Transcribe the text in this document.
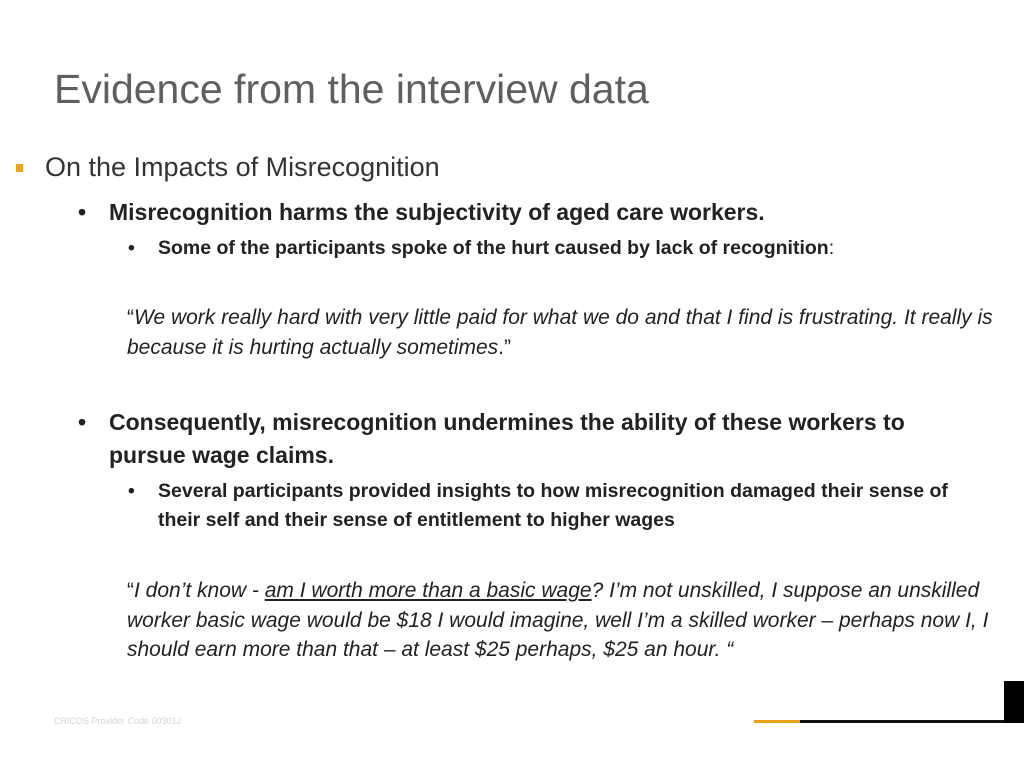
Evidence from the interview data
On the Impacts of Misrecognition
• Misrecognition harms the subjectivity of aged care workers.
• Some of the participants spoke of the hurt caused by lack of recognition:
“We work really hard with very little paid for what we do and that I find is frustrating. It really is because it is hurting actually sometimes.”
• Consequently, misrecognition undermines the ability of these workers to pursue wage claims.
• Several participants provided insights to how misrecognition damaged their sense of their self and their sense of entitlement to higher wages
“I don’t know - am I worth more than a basic wage? I’m not unskilled, I suppose an unskilled worker basic wage would be $18 I would imagine, well I’m a skilled worker – perhaps now I, I should earn more than that – at least $25 perhaps, $25 an hour. “
CRICOS Provider Code 00301J
